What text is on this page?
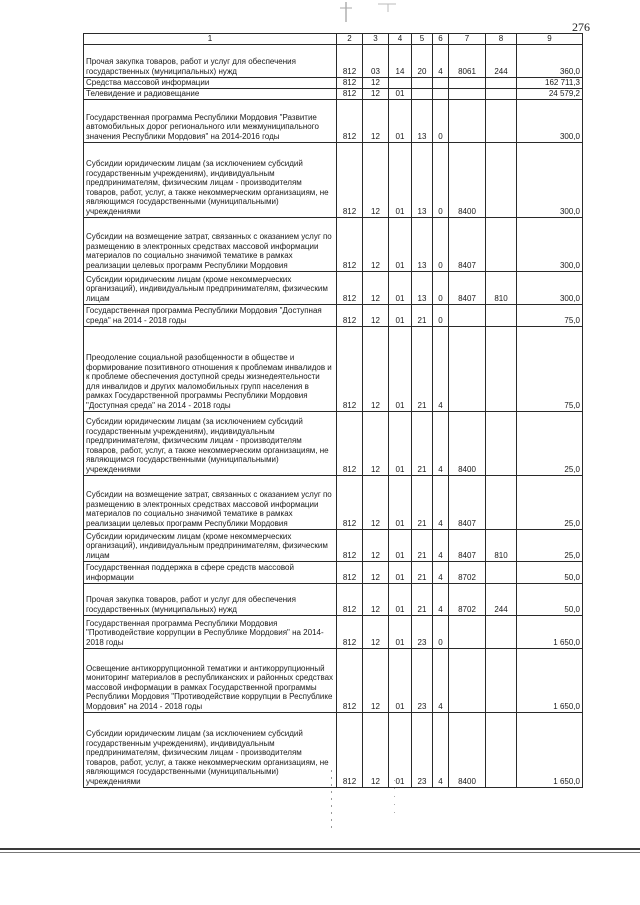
276
1	2	3	4	5	6	7	8	9
Прочая закупка товаров, работ и услуг для обеспечения государственных (муниципальных) нужд	812	03	14	20	4	8061	244	360,0
Средства массовой информации	812	12						162 711,3
Телевидение и радиовещание	812	12	01					24 579,2
Государственная программа Республики Мордовия "Развитие автомобильных дорог регионального или межмуниципального значения Республики Мордовия" на 2014-2016 годы	812	12	01	13	0			300,0
Субсидии юридическим лицам (за исключением субсидий государственным учреждениям), индивидуальным предпринимателям, физическим лицам - производителям товаров, работ, услуг, а также некоммерческим организациям, не являющимся государственными (муниципальными) учреждениями	812	12	01	13	0	8400		300,0
Субсидии на возмещение затрат, связанных с оказанием услуг по размещению в электронных средствах массовой информации материалов по социально значимой тематике в рамках реализации целевых программ Республики Мордовия	812	12	01	13	0	8407		300,0
Субсидии юридическим лицам (кроме некоммерческих организаций), индивидуальным предпринимателям, физическим лицам	812	12	01	13	0	8407	810	300,0
Государственная программа Республики Мордовия "Доступная среда" на 2014 - 2018 годы	812	12	01	21	0			75,0
Преодоление социальной разобщенности в обществе и формирование позитивного отношения к проблемам инвалидов и к проблеме обеспечения доступной среды жизнедеятельности для инвалидов и других маломобильных групп населения в рамках Государственной программы Республики Мордовия "Доступная среда" на 2014 - 2018 годы	812	12	01	21	4			75,0
Субсидии юридическим лицам (за исключением субсидий государственным учреждениям), индивидуальным предпринимателям, физическим лицам - производителям товаров, работ, услуг, а также некоммерческим организациям, не являющимся государственными (муниципальными) учреждениями	812	12	01	21	4	8400		25,0
Субсидии на возмещение затрат, связанных с оказанием услуг по размещению в электронных средствах массовой информации материалов по социально значимой тематике в рамках реализации целевых программ Республики Мордовия	812	12	01	21	4	8407		25,0
Субсидии юридическим лицам (кроме некоммерческих организаций), индивидуальным предпринимателям, физическим лицам	812	12	01	21	4	8407	810	25,0
Государственная поддержка в сфере средств массовой информации	812	12	01	21	4	8702		50,0
Прочая закупка товаров, работ и услуг для обеспечения государственных (муниципальных) нужд	812	12	01	21	4	8702	244	50,0
Государственная программа Республики Мордовия "Противодействие коррупции в Республике Мордовия" на 2014-2018 годы	812	12	01	23	0			1 650,0
Освещение антикоррупционной тематики и антикоррупционный мониторинг материалов в республиканских и районных средствах массовой информации в рамках Государственной программы Республики Мордовия "Противодействие коррупции в Республике Мордовия" на 2014 - 2018 годы	812	12	01	23	4			1 650,0
Субсидии юридическим лицам (за исключением субсидий государственным учреждениям), индивидуальным предпринимателям, физическим лицам - производителям товаров, работ, услуг, а также некоммерческим организациям, не являющимся государственными (муниципальными) учреждениями	812	12	01	23	4	8400		1 650,0
